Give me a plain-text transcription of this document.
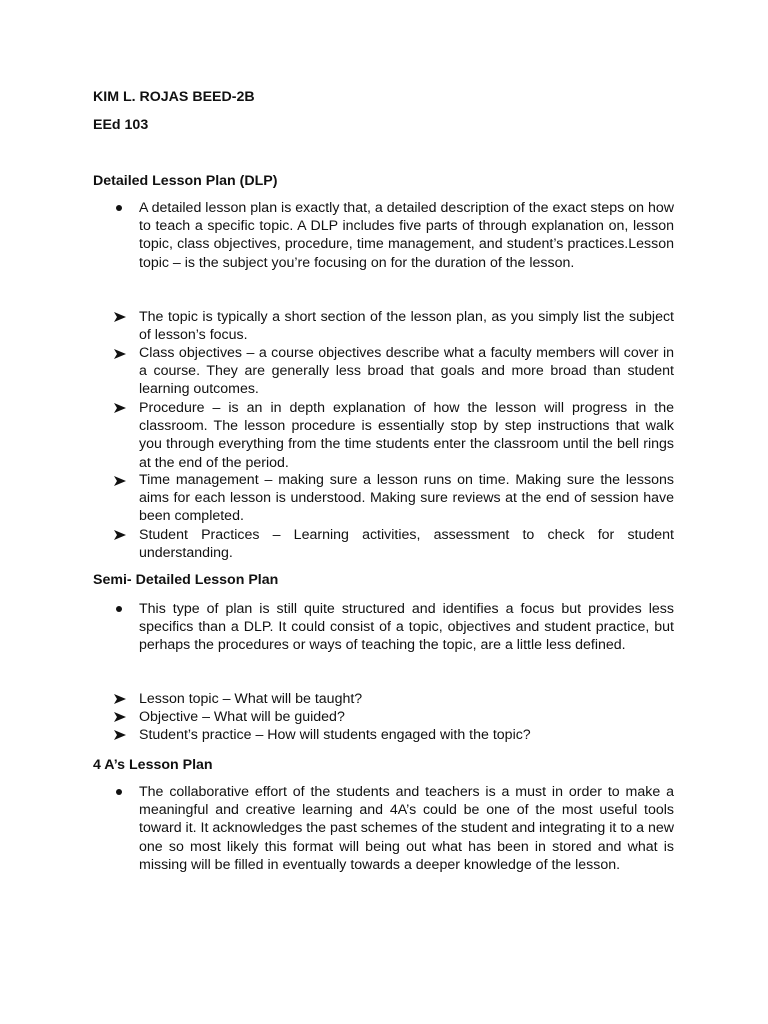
KIM L. ROJAS BEED-2B

EEd 103

Detailed Lesson Plan (DLP)

A detailed lesson plan is exactly that, a detailed description of the exact steps on how to teach a specific topic. A DLP includes five parts of through explanation on, lesson topic, class objectives, procedure, time management, and student’s practices.Lesson topic – is the subject you’re focusing on for the duration of the lesson.

The topic is typically a short section of the lesson plan, as you simply list the subject of lesson’s focus.

Class objectives – a course objectives describe what a faculty members will cover in a course. They are generally less broad that goals and more broad than student learning outcomes.

Procedure – is an in depth explanation of how the lesson will progress in the classroom. The lesson procedure is essentially stop by step instructions that walk you through everything from the time students enter the classroom until the bell rings at the end of the period.

Time management – making sure a lesson runs on time. Making sure the lessons aims for each lesson is understood. Making sure reviews at the end of session have been completed.

Student Practices – Learning activities, assessment to check for student understanding.

Semi- Detailed Lesson Plan

This type of plan is still quite structured and identifies a focus but provides less specifics than a DLP. It could consist of a topic, objectives and student practice, but perhaps the procedures or ways of teaching the topic, are a little less defined.

Lesson topic – What will be taught?

Objective – What will be guided?

Student’s practice – How will students engaged with the topic?

4 A’s Lesson Plan

The collaborative effort of the students and teachers is a must in order to make a meaningful and creative learning and 4A’s could be one of the most useful tools toward it. It acknowledges the past schemes of the student and integrating it to a new one so most likely this format will being out what has been in stored and what is missing will be filled in eventually towards a deeper knowledge of the lesson.
